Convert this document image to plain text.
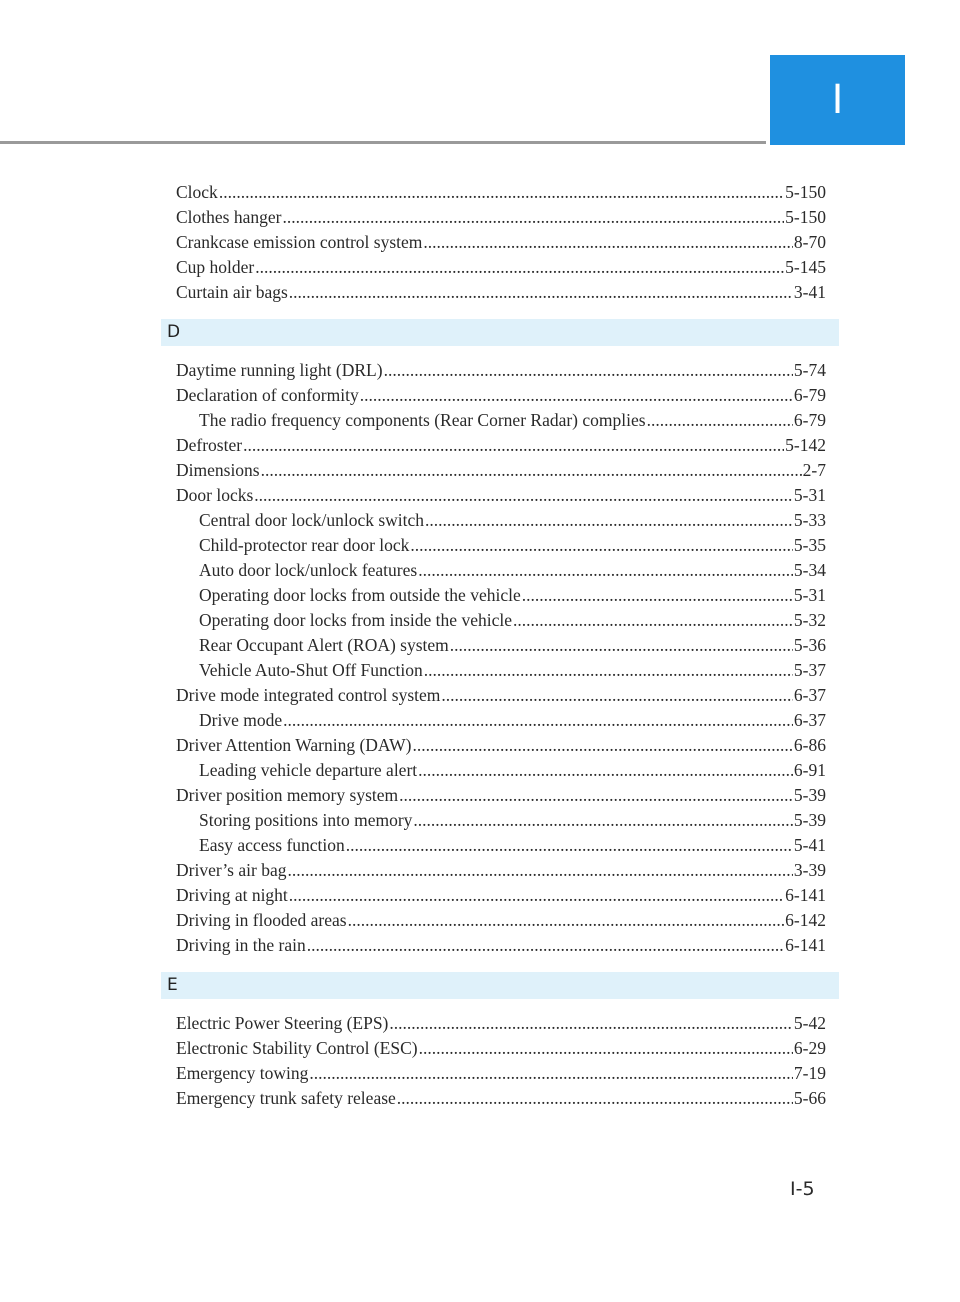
I
Clock .....	5-150
Clothes hanger .....	5-150
Crankcase emission control system .....	8-70
Cup holder .....	5-145
Curtain air bags .....	3-41
D
Daytime running light (DRL) .....	5-74
Declaration of conformity .....	6-79
The radio frequency components (Rear Corner Radar) complies .....	6-79
Defroster .....	5-142
Dimensions .....	2-7
Door locks .....	5-31
Central door lock/unlock switch .....	5-33
Child-protector rear door lock .....	5-35
Auto door lock/unlock features .....	5-34
Operating door locks from outside the vehicle .....	5-31
Operating door locks from inside the vehicle .....	5-32
Rear Occupant Alert (ROA) system .....	5-36
Vehicle Auto-Shut Off Function .....	5-37
Drive mode integrated control system .....	6-37
Drive mode .....	6-37
Driver Attention Warning (DAW) .....	6-86
Leading vehicle departure alert .....	6-91
Driver position memory system .....	5-39
Storing positions into memory .....	5-39
Easy access function .....	5-41
Driver’s air bag .....	3-39
Driving at night .....	6-141
Driving in flooded areas .....	6-142
Driving in the rain .....	6-141
E
Electric Power Steering (EPS) .....	5-42
Electronic Stability Control (ESC) .....	6-29
Emergency towing .....	7-19
Emergency trunk safety release .....	5-66
I-5
